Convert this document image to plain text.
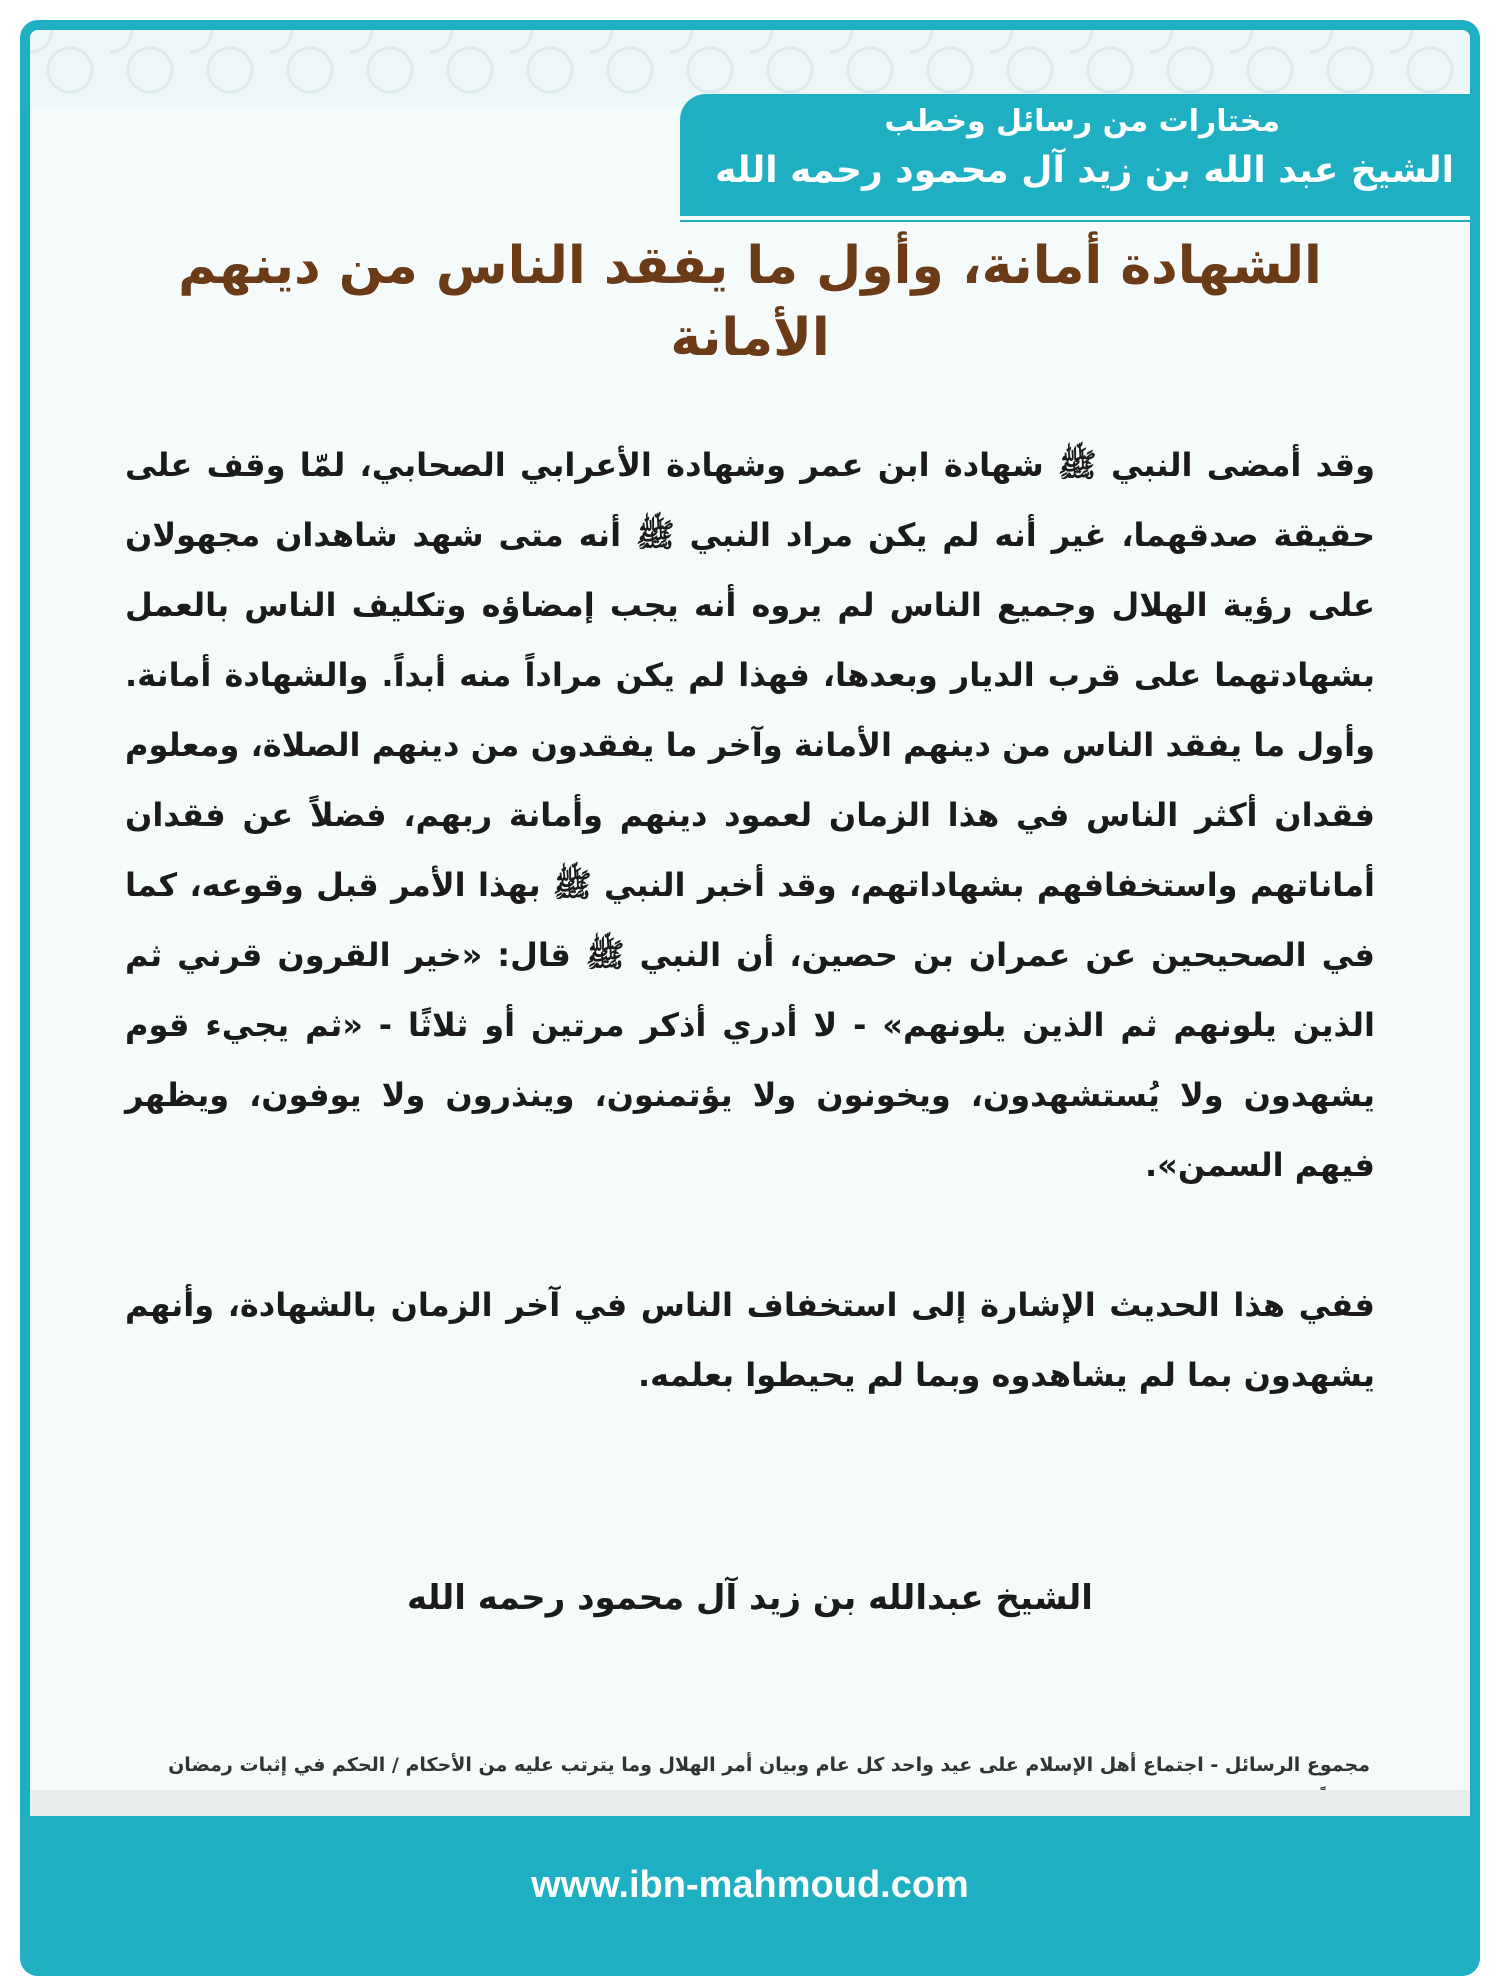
مختارات من رسائل وخطب
الشيخ عبد الله بن زيد آل محمود رحمه الله
الشهادة أمانة، وأول ما يفقد الناس من دينهم الأمانة

وقد أمضى النبي ﷺ شهادة ابن عمر وشهادة الأعرابي الصحابي، لمّا وقف على حقيقة صدقهما، غير أنه لم يكن مراد النبي ﷺ أنه متى شهد شاهدان مجهولان على رؤية الهلال وجميع الناس لم يروه أنه يجب إمضاؤه وتكليف الناس بالعمل بشهادتهما على قرب الديار وبعدها، فهذا لم يكن مراداً منه أبداً. والشهادة أمانة. وأول ما يفقد الناس من دينهم الأمانة وآخر ما يفقدون من دينهم الصلاة، ومعلوم فقدان أكثر الناس في هذا الزمان لعمود دينهم وأمانة ربهم، فضلاً عن فقدان أماناتهم واستخفافهم بشهاداتهم، وقد أخبر النبي ﷺ بهذا الأمر قبل وقوعه، كما في الصحيحين عن عمران بن حصين، أن النبي ﷺ قال: «خير القرون قرني ثم الذين يلونهم ثم الذين يلونهم» - لا أدري أذكر مرتين أو ثلاثًا - «ثم يجيء قوم يشهدون ولا يُستشهدون، ويخونون ولا يؤتمنون، وينذرون ولا يوفون، ويظهر فيهم السمن».

ففي هذا الحديث الإشارة إلى استخفاف الناس في آخر الزمان بالشهادة، وأنهم يشهدون بما لم يشاهدوه وبما لم يحيطوا بعلمه.

الشيخ عبدالله بن زيد آل محمود رحمه الله
مجموع الرسائل - اجتماع أهل الإسلام على عيد واحد كل عام وبيان أمر الهلال وما يترتب عليه من الأحكام / الحكم في إثبات رمضان
www.ibn-mahmoud.com
